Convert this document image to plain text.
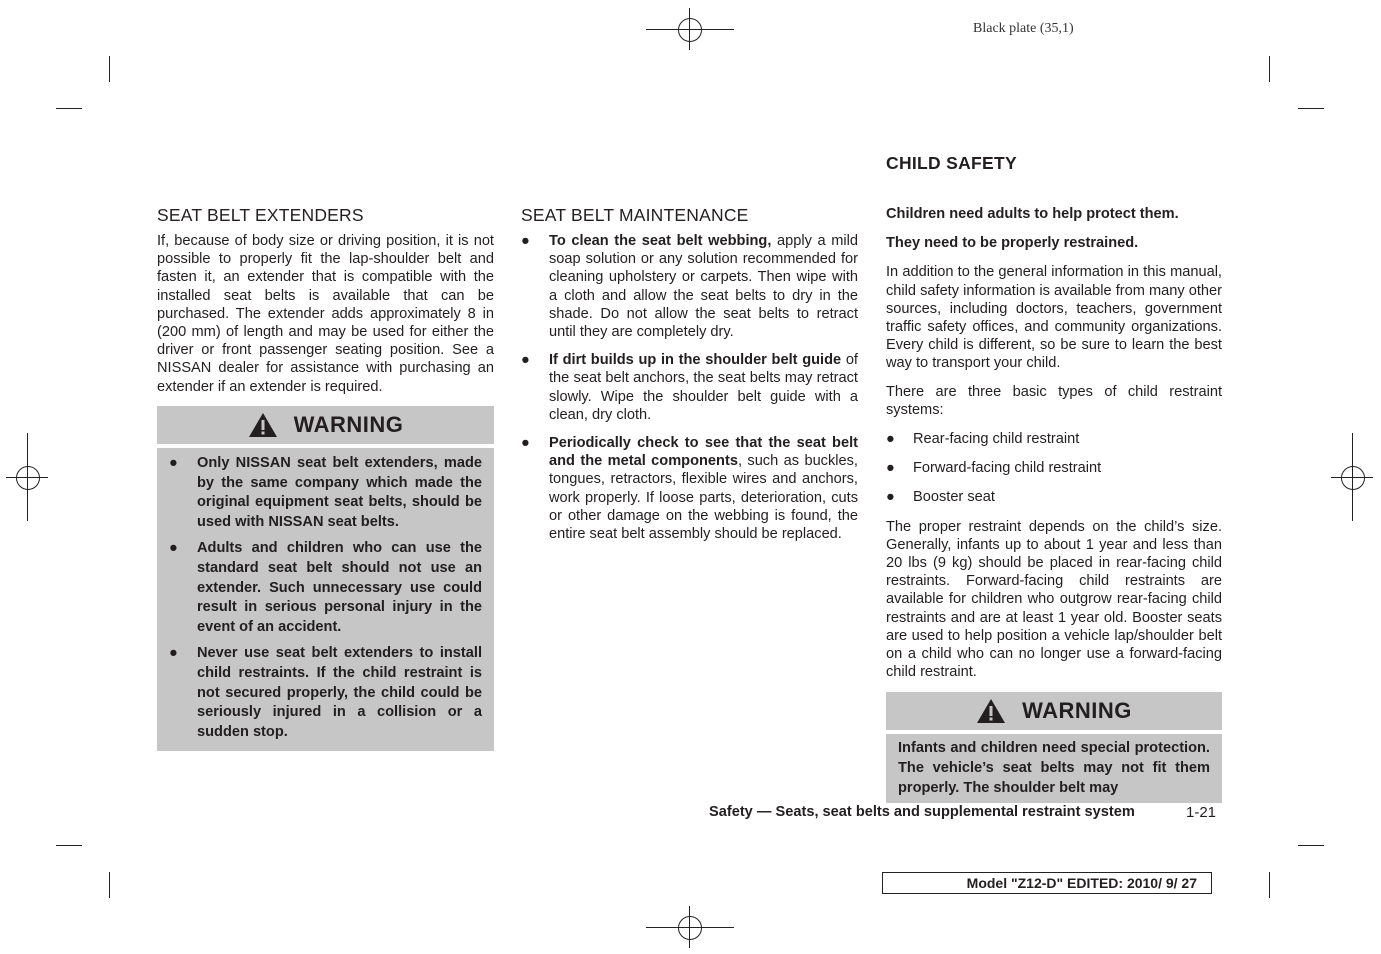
Black plate (35,1)
SEAT BELT EXTENDERS

If, because of body size or driving position, it is not possible to properly fit the lap-shoulder belt and fasten it, an extender that is compatible with the installed seat belts is available that can be purchased. The extender adds approximately 8 in (200 mm) of length and may be used for either the driver or front passenger seating position. See a NISSAN dealer for assistance with purchasing an extender if an extender is required.

WARNING
● Only NISSAN seat belt extenders, made by the same company which made the original equipment seat belts, should be used with NISSAN seat belts.
● Adults and children who can use the standard seat belt should not use an extender. Such unnecessary use could result in serious personal injury in the event of an accident.
● Never use seat belt extenders to install child restraints. If the child restraint is not secured properly, the child could be seriously injured in a collision or a sudden stop.
SEAT BELT MAINTENANCE
● To clean the seat belt webbing, apply a mild soap solution or any solution recommended for cleaning upholstery or carpets. Then wipe with a cloth and allow the seat belts to dry in the shade. Do not allow the seat belts to retract until they are completely dry.
● If dirt builds up in the shoulder belt guide of the seat belt anchors, the seat belts may retract slowly. Wipe the shoulder belt guide with a clean, dry cloth.
● Periodically check to see that the seat belt and the metal components, such as buckles, tongues, retractors, flexible wires and anchors, work properly. If loose parts, deterioration, cuts or other damage on the webbing is found, the entire seat belt assembly should be replaced.
CHILD SAFETY

Children need adults to help protect them.

They need to be properly restrained.

In addition to the general information in this manual, child safety information is available from many other sources, including doctors, teachers, government traffic safety offices, and community organizations. Every child is different, so be sure to learn the best way to transport your child.

There are three basic types of child restraint systems:

● Rear-facing child restraint
● Forward-facing child restraint
● Booster seat

The proper restraint depends on the child’s size. Generally, infants up to about 1 year and less than 20 lbs (9 kg) should be placed in rear-facing child restraints. Forward-facing child restraints are available for children who outgrow rear-facing child restraints and are at least 1 year old. Booster seats are used to help position a vehicle lap/shoulder belt on a child who can no longer use a forward-facing child restraint.

WARNING
Infants and children need special protection. The vehicle’s seat belts may not fit them properly. The shoulder belt may
Safety — Seats, seat belts and supplemental restraint system	1-21
Model "Z12-D" EDITED: 2010/ 9/ 27
